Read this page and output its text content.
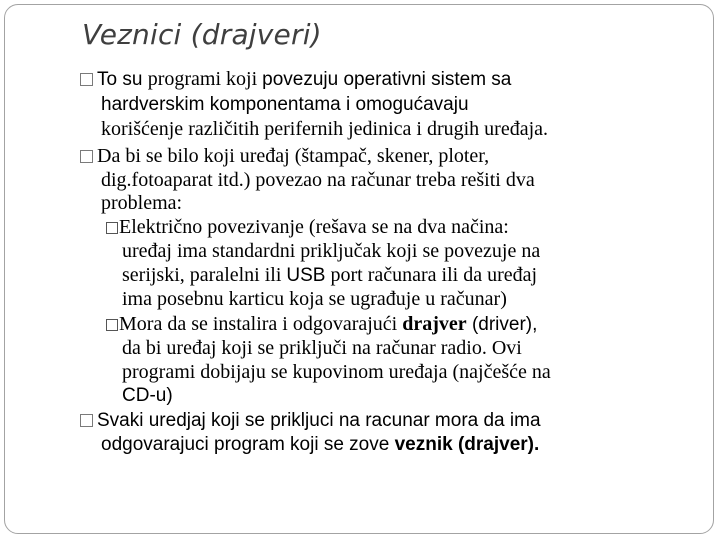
Veznici (drajveri)
To su programi koji povezuju operativni sistem sa
hardverskim komponentama i omogućavaju
korišćenje različitih perifernih jedinica i drugih uređaja.
Da bi se bilo koji uređaj (štampač, skener, ploter,
dig.fotoaparat itd.) povezao na računar treba rešiti dva
problema:
Električno povezivanje (rešava se na dva načina:
uređaj ima standardni priključak koji se povezuje na
serijski, paralelni ili USB port računara ili da uređaj
ima posebnu karticu koja se ugrađuje u računar)
Mora da se instalira i odgovarajući drajver (driver),
da bi uređaj koji se priključi na računar radio. Ovi
programi dobijaju se kupovinom uređaja (najčešće na
CD-u)
Svaki uredjaj koji se prikljuci na racunar mora da ima
odgovarajuci program koji se zove veznik (drajver).
